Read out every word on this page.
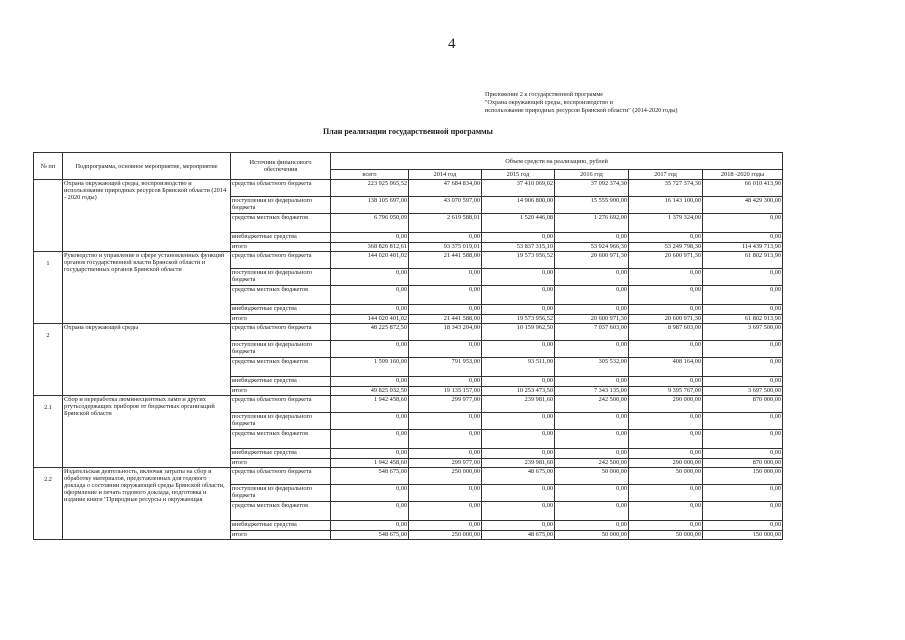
4
Приложение 2 к государственной программе
"Охрана окружающей среды, воспроизводство и
использование природных ресурсов Брянской области" (2014-2020 годы)
План реализации государственной программы
№ пп	Подпрограмма, основное мероприятие, мероприятие	Источник финансового обеспечения	Объем средств на реализацию, рублей					
			всего	2014 год	2015 год	2016 год	2017 год	2018 -2020 годы
	Охрана окружающей среды, воспроизводство и использование природных ресурсов Брянской области (2014 - 2020 годы)	средства областного бюджета	223 925 065,52	47 684 834,00	37 410 069,02	37 092 374,30	35 727 374,30	66 010 413,90
		поступления из федерального бюджета	138 105 697,00	43 070 597,00	14 906 800,00	15 555 900,00	16 143 100,00	48 429 300,00
		средства местных бюджетов	6 796 050,09	2 619 588,01	1 520 446,08	1 276 692,00	1 379 324,00	0,00
		внебюджетные средства	0,00	0,00	0,00	0,00	0,00	0,00
		итого	368 826 812,61	93 375 019,01	53 837 315,10	53 924 966,30	53 249 798,30	114 439 713,90
1	Руководство и управление в сфере установленных функций органов государственной власти Брянской области и государственных органов Брянской области	средства областного бюджета	144 020 401,02	21 441 588,00	19 573 956,52	20 600 971,30	20 600 971,30	61 802 913,90
		поступления из федерального бюджета	0,00	0,00	0,00	0,00	0,00	0,00
		средства местных бюджетов	0,00	0,00	0,00	0,00	0,00	0,00
		внебюджетные средства	0,00	0,00	0,00	0,00	0,00	0,00
		итого	144 020 401,02	21 441 588,00	19 573 956,52	20 600 971,30	20 600 971,30	61 802 913,90
2	Охрана окружающей среды	средства областного бюджета	48 225 872,50	18 343 204,00	10 159 962,50	7 037 603,00	8 987 603,00	3 697 500,00
		поступления из федерального бюджета	0,00	0,00	0,00	0,00	0,00	0,00
		средства местных бюджетов	1 599 160,00	791 953,00	93 511,00	305 532,00	408 164,00	0,00
		внебюджетные средства	0,00	0,00	0,00	0,00	0,00	0,00
		итого	49 825 032,50	19 135 157,00	10 253 473,50	7 343 135,00	9 395 767,00	3 697 500,00
2.1	Сбор и переработка люминесцентных ламп и других ртутьсодержащих приборов от бюджетных организаций Брянской области	средства областного бюджета	1 942 458,60	299 977,00	239 981,60	242 500,00	290 000,00	870 000,00
		поступления из федерального бюджета	0,00	0,00	0,00	0,00	0,00	0,00
		средства местных бюджетов	0,00	0,00	0,00	0,00	0,00	0,00
		внебюджетные средства	0,00	0,00	0,00	0,00	0,00	0,00
		итого	1 942 458,60	299 977,00	239 981,60	242 500,00	290 000,00	870 000,00
2.2	Издательская деятельность, включая затраты на сбор и обработку материалов, представленных для годового доклада о состоянии окружающей среды Брянской области, оформление и печать годового доклада, подготовка и издание книги "Природные ресурсы и окружающая	средства областного бюджета	548 675,00	250 000,00	48 675,00	50 000,00	50 000,00	150 000,00
		поступления из федерального бюджета	0,00	0,00	0,00	0,00	0,00	0,00
		средства местных бюджетов	0,00	0,00	0,00	0,00	0,00	0,00
		внебюджетные средства	0,00	0,00	0,00	0,00	0,00	0,00
		итого	548 675,00	250 000,00	48 675,00	50 000,00	50 000,00	150 000,00
